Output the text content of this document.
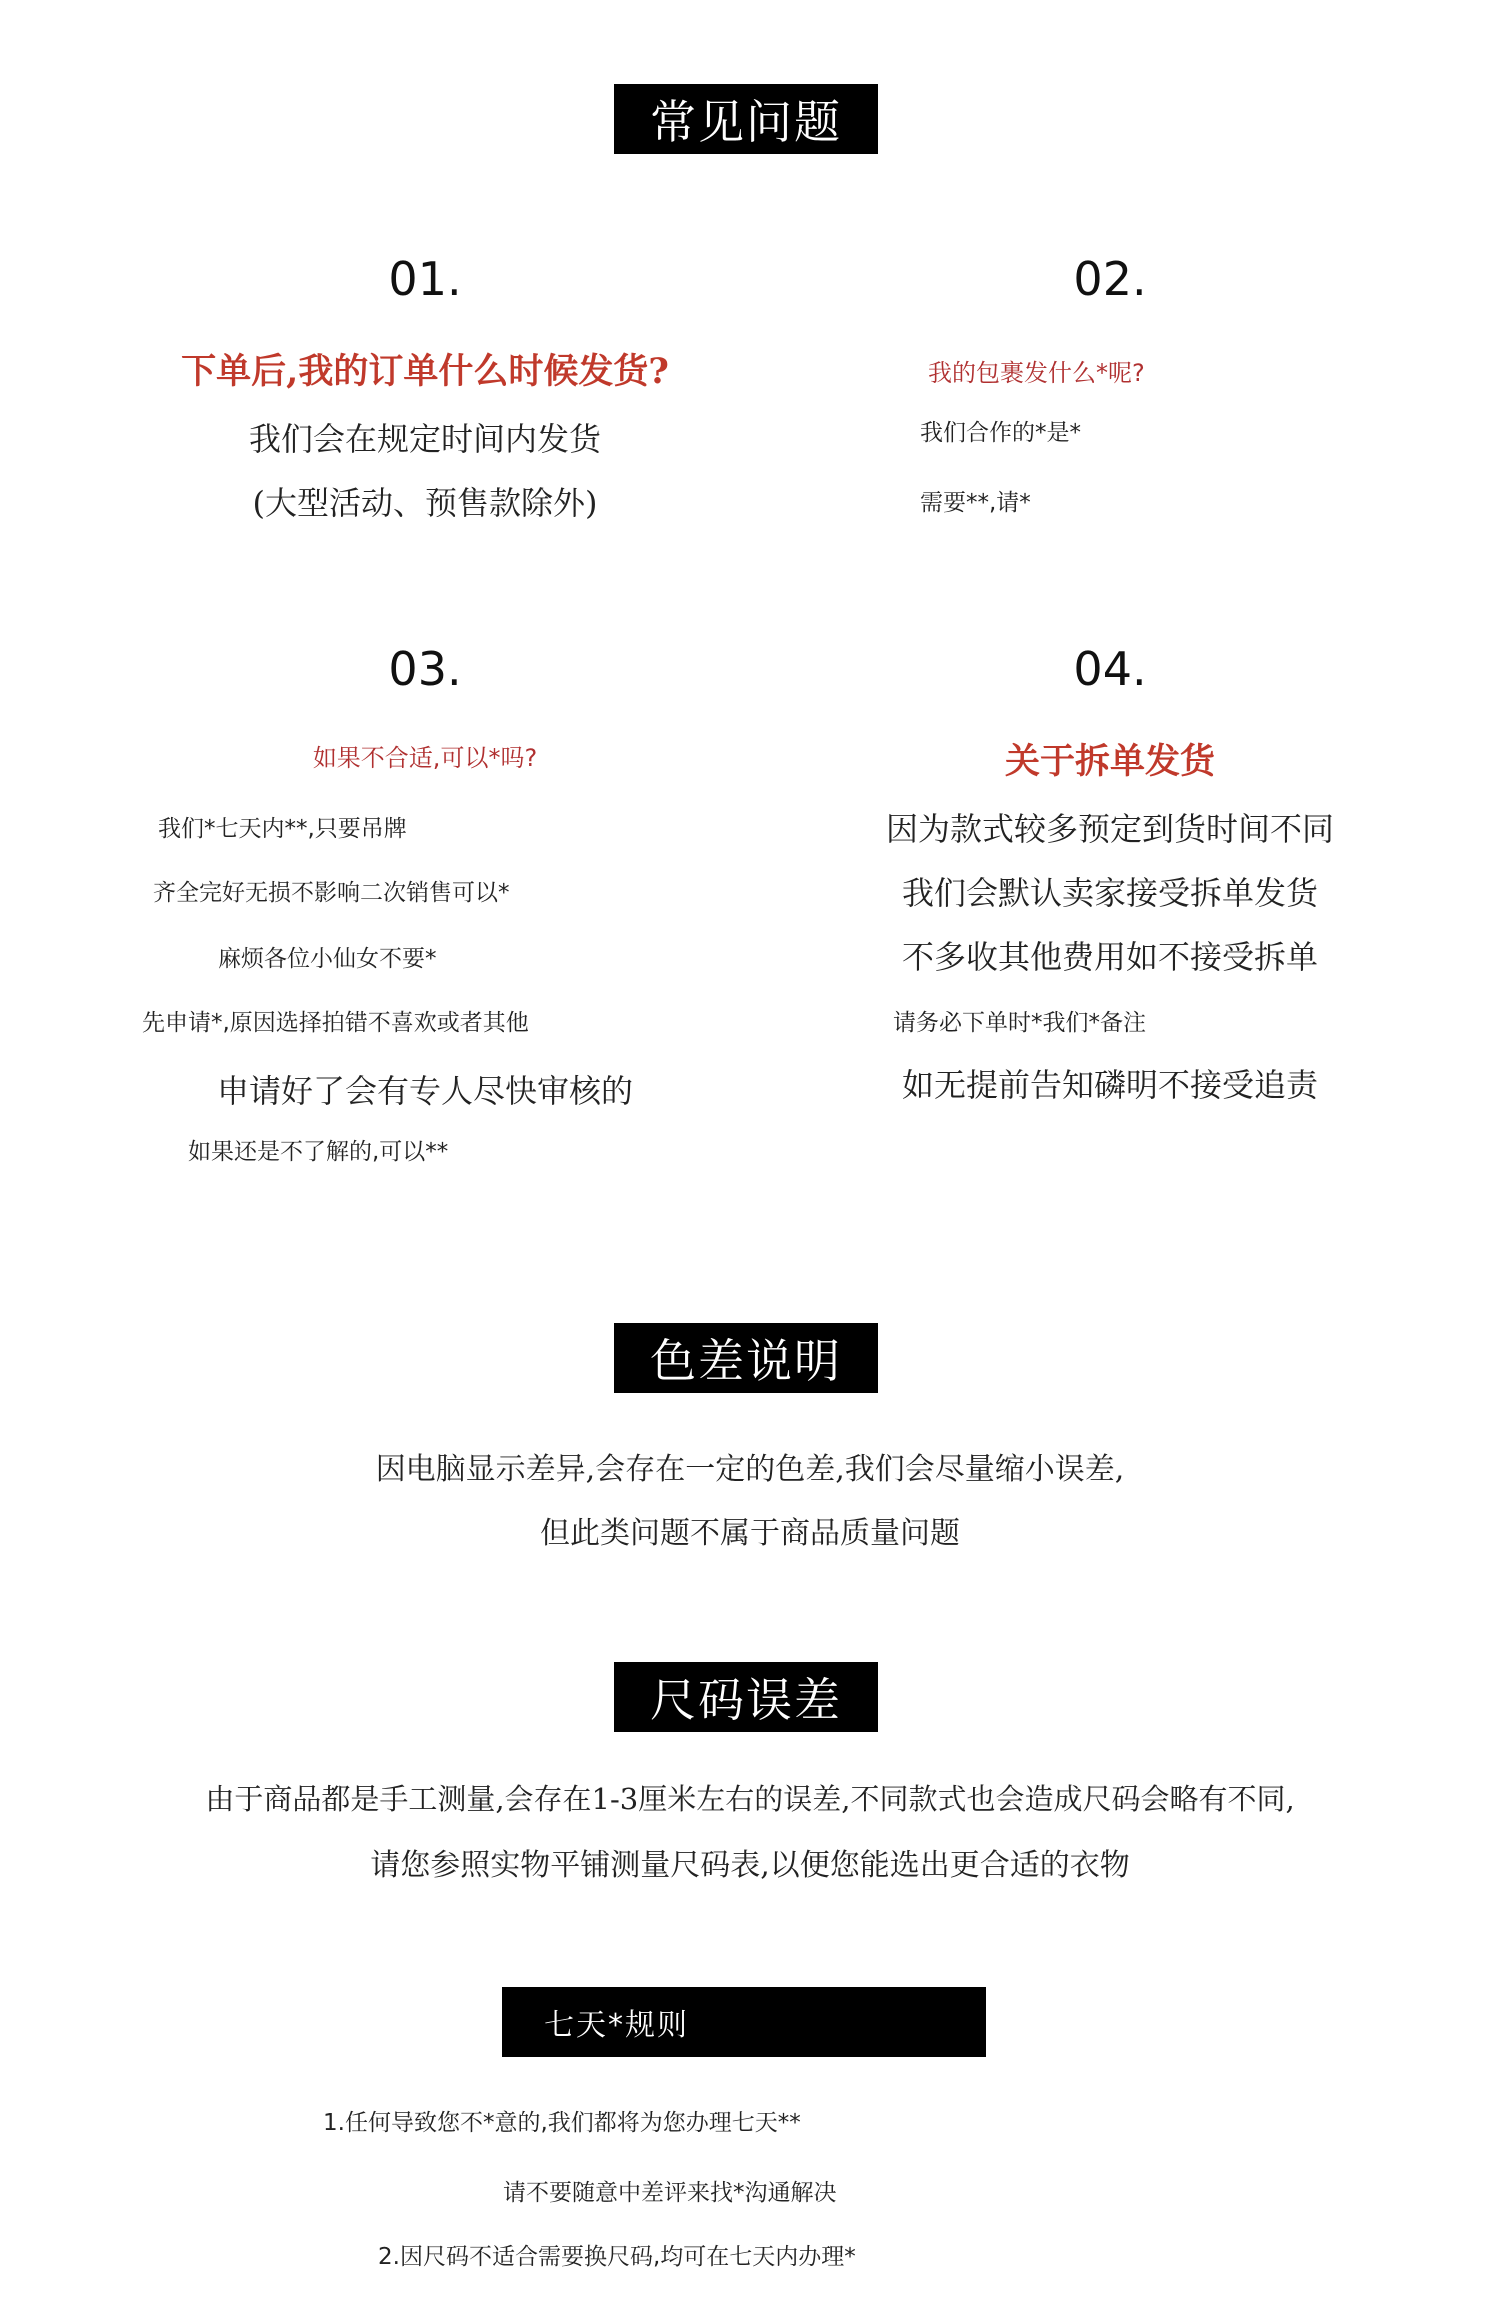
常见问题
01.
下单后,我的订单什么时候发货?
我们会在规定时间内发货
(大型活动、预售款除外)
02.
我的包裹发什么*呢?
我们合作的*是*
需要**,请*
03.
如果不合适,可以*吗?
我们*七天内**,只要吊牌
齐全完好无损不影响二次销售可以*
麻烦各位小仙女不要*
先申请*,原因选择拍错不喜欢或者其他
申请好了会有专人尽快审核的
如果还是不了解的,可以**
04.
关于拆单发货
因为款式较多预定到货时间不同
我们会默认卖家接受拆单发货
不多收其他费用如不接受拆单
请务必下单时*我们*备注
如无提前告知磷明不接受追责
色差说明
因电脑显示差异,会存在一定的色差,我们会尽量缩小误差,
但此类问题不属于商品质量问题
尺码误差
由于商品都是手工测量,会存在1-3厘米左右的误差,不同款式也会造成尺码会略有不同,
请您参照实物平铺测量尺码表,以便您能选出更合适的衣物
七天*规则
1.任何导致您不*意的,我们都将为您办理七天**
请不要随意中差评来找*沟通解决
2.因尺码不适合需要换尺码,均可在七天内办理*
